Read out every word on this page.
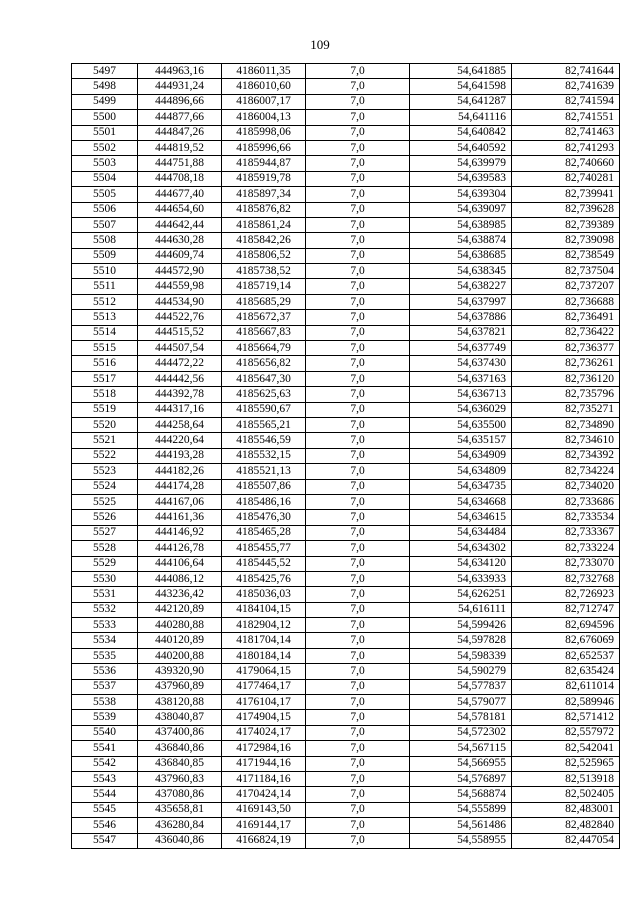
109
5497	444963,16	4186011,35	7,0	54,641885	82,741644
5498	444931,24	4186010,60	7,0	54,641598	82,741639
5499	444896,66	4186007,17	7,0	54,641287	82,741594
5500	444877,66	4186004,13	7,0	54,641116	82,741551
5501	444847,26	4185998,06	7,0	54,640842	82,741463
5502	444819,52	4185996,66	7,0	54,640592	82,741293
5503	444751,88	4185944,87	7,0	54,639979	82,740660
5504	444708,18	4185919,78	7,0	54,639583	82,740281
5505	444677,40	4185897,34	7,0	54,639304	82,739941
5506	444654,60	4185876,82	7,0	54,639097	82,739628
5507	444642,44	4185861,24	7,0	54,638985	82,739389
5508	444630,28	4185842,26	7,0	54,638874	82,739098
5509	444609,74	4185806,52	7,0	54,638685	82,738549
5510	444572,90	4185738,52	7,0	54,638345	82,737504
5511	444559,98	4185719,14	7,0	54,638227	82,737207
5512	444534,90	4185685,29	7,0	54,637997	82,736688
5513	444522,76	4185672,37	7,0	54,637886	82,736491
5514	444515,52	4185667,83	7,0	54,637821	82,736422
5515	444507,54	4185664,79	7,0	54,637749	82,736377
5516	444472,22	4185656,82	7,0	54,637430	82,736261
5517	444442,56	4185647,30	7,0	54,637163	82,736120
5518	444392,78	4185625,63	7,0	54,636713	82,735796
5519	444317,16	4185590,67	7,0	54,636029	82,735271
5520	444258,64	4185565,21	7,0	54,635500	82,734890
5521	444220,64	4185546,59	7,0	54,635157	82,734610
5522	444193,28	4185532,15	7,0	54,634909	82,734392
5523	444182,26	4185521,13	7,0	54,634809	82,734224
5524	444174,28	4185507,86	7,0	54,634735	82,734020
5525	444167,06	4185486,16	7,0	54,634668	82,733686
5526	444161,36	4185476,30	7,0	54,634615	82,733534
5527	444146,92	4185465,28	7,0	54,634484	82,733367
5528	444126,78	4185455,77	7,0	54,634302	82,733224
5529	444106,64	4185445,52	7,0	54,634120	82,733070
5530	444086,12	4185425,76	7,0	54,633933	82,732768
5531	443236,42	4185036,03	7,0	54,626251	82,726923
5532	442120,89	4184104,15	7,0	54,616111	82,712747
5533	440280,88	4182904,12	7,0	54,599426	82,694596
5534	440120,89	4181704,14	7,0	54,597828	82,676069
5535	440200,88	4180184,14	7,0	54,598339	82,652537
5536	439320,90	4179064,15	7,0	54,590279	82,635424
5537	437960,89	4177464,17	7,0	54,577837	82,611014
5538	438120,88	4176104,17	7,0	54,579077	82,589946
5539	438040,87	4174904,15	7,0	54,578181	82,571412
5540	437400,86	4174024,17	7,0	54,572302	82,557972
5541	436840,86	4172984,16	7,0	54,567115	82,542041
5542	436840,85	4171944,16	7,0	54,566955	82,525965
5543	437960,83	4171184,16	7,0	54,576897	82,513918
5544	437080,86	4170424,14	7,0	54,568874	82,502405
5545	435658,81	4169143,50	7,0	54,555899	82,483001
5546	436280,84	4169144,17	7,0	54,561486	82,482840
5547	436040,86	4166824,19	7,0	54,558955	82,447054
